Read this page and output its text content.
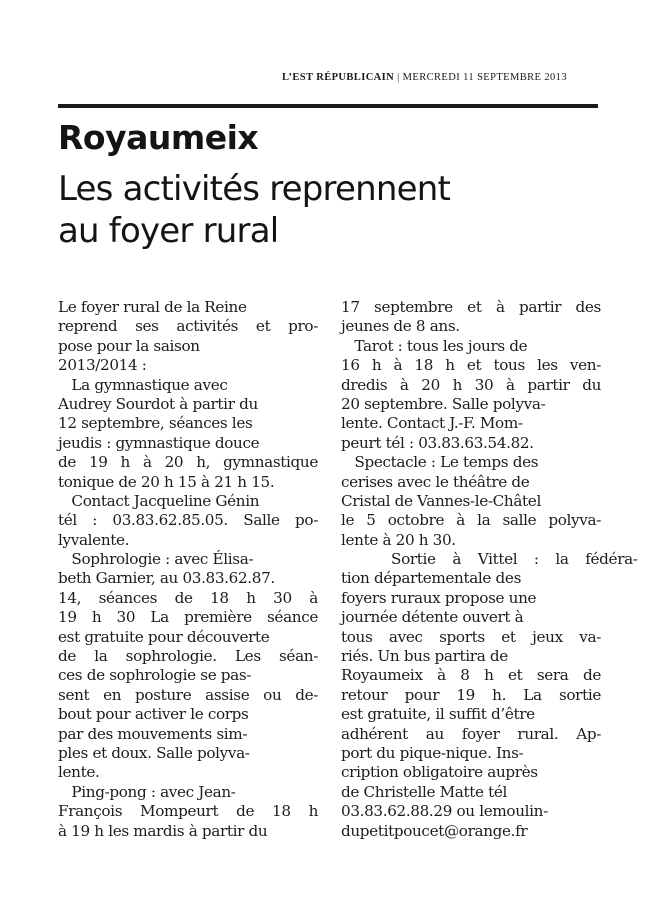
L’EST RÉPUBLICAIN | MERCREDI 11 SEPTEMBRE 2013
Royaumeix
Les activités reprennent
au foyer rural
Le foyer rural de la Reine
reprend ses activités et pro-
pose pour la saison
2013/2014 :
La gymnastique avec
Audrey Sourdot à partir du
12 septembre, séances les
jeudis : gymnastique douce
de 19 h à 20 h, gymnastique
tonique de 20 h 15 à 21 h 15.
Contact Jacqueline Génin
tél : 03.83.62.85.05. Salle po-
lyvalente.
Sophrologie : avec Élisa-
beth Garnier, au 03.83.62.87.
14, séances de 18 h 30 à
19 h 30 La première séance
est gratuite pour découverte
de la sophrologie. Les séan-
ces de sophrologie se pas-
sent en posture assise ou de-
bout pour activer le corps
par des mouvements sim-
ples et doux. Salle polyva-
lente.
Ping-pong : avec Jean-
François Mompeurt de 18 h
à 19 h les mardis à partir du
17 septembre et à partir des
jeunes de 8 ans.
Tarot : tous les jours de
16 h à 18 h et tous les ven-
dredis à 20 h 30 à partir du
20 septembre. Salle polyva-
lente. Contact J.-F. Mom-
peurt tél : 03.83.63.54.82.
Spectacle : Le temps des
cerises avec le théâtre de
Cristal de Vannes-le-Châtel
le 5 octobre à la salle polyva-
lente à 20 h 30.
Sortie à Vittel : la fédéra-
tion départementale des
foyers ruraux propose une
journée détente ouvert à
tous avec sports et jeux va-
riés. Un bus partira de
Royaumeix à 8 h et sera de
retour pour 19 h. La sortie
est gratuite, il suffit d’être
adhérent au foyer rural. Ap-
port du pique-nique. Ins-
cription obligatoire auprès
de Christelle Matte tél
03.83.62.88.29 ou lemoulin-
dupetitpoucet@orange.fr
